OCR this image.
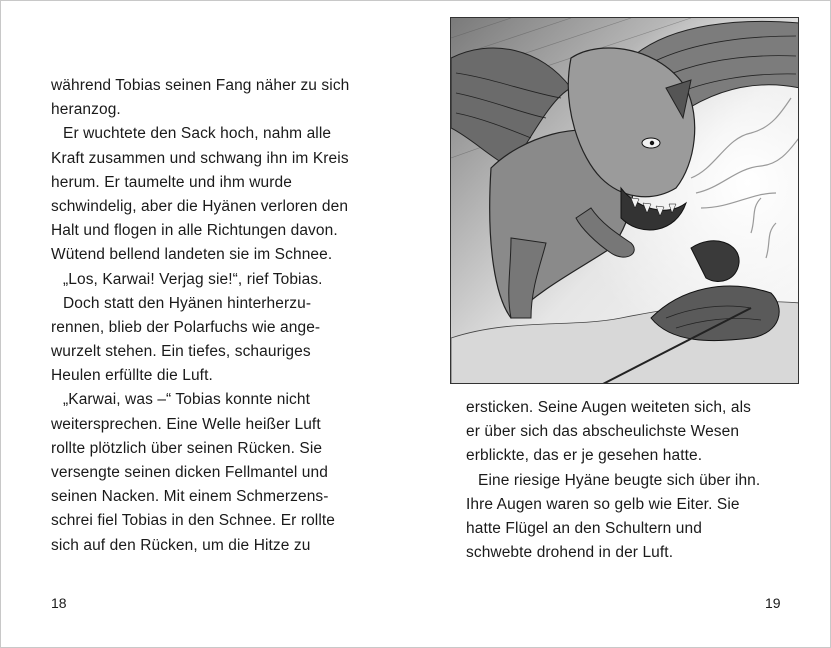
während Tobias seinen Fang näher zu sich
heranzog.
Er wuchtete den Sack hoch, nahm alle
Kraft zusammen und schwang ihn im Kreis
herum. Er taumelte und ihm wurde
schwindelig, aber die Hyänen verloren den
Halt und flogen in alle Richtungen davon.
Wütend bellend landeten sie im Schnee.
„Los, Karwai! Verjag sie!“, rief Tobias.
Doch statt den Hyänen hinterherzu-
rennen, blieb der Polarfuchs wie ange-
wurzelt stehen. Ein tiefes, schauriges
Heulen erfüllte die Luft.
„Karwai, was –“ Tobias konnte nicht
weitersprechen. Eine Welle heißer Luft
rollte plötzlich über seinen Rücken. Sie
versengte seinen dicken Fellmantel und
seinen Nacken. Mit einem Schmerzens-
schrei fiel Tobias in den Schnee. Er rollte
sich auf den Rücken, um die Hitze zu
18
ersticken. Seine Augen weiteten sich, als
er über sich das abscheulichste Wesen
erblickte, das er je gesehen hatte.
Eine riesige Hyäne beugte sich über ihn.
Ihre Augen waren so gelb wie Eiter. Sie
hatte Flügel an den Schultern und
schwebte drohend in der Luft.
19
